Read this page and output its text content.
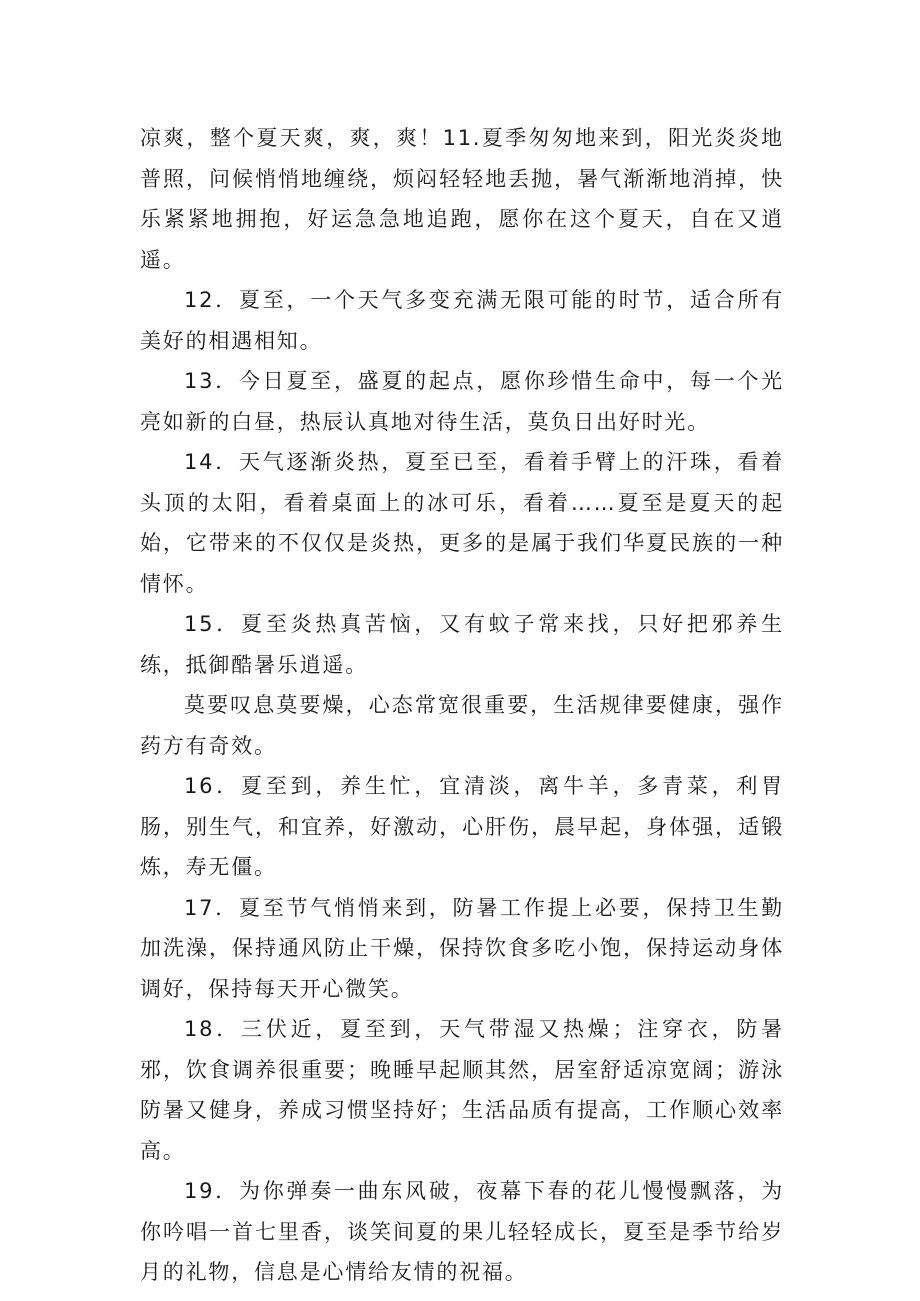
凉爽，整个夏天爽，爽，爽！11.夏季匆匆地来到，阳光炎炎地普照，问候悄悄地缠绕，烦闷轻轻地丢抛，暑气渐渐地消掉，快乐紧紧地拥抱，好运急急地追跑，愿你在这个夏天，自在又逍遥。

12．夏至，一个天气多变充满无限可能的时节，适合所有美好的相遇相知。

13．今日夏至，盛夏的起点，愿你珍惜生命中，每一个光亮如新的白昼，热辰认真地对待生活，莫负日出好时光。

14．天气逐渐炎热，夏至已至，看着手臂上的汗珠，看着头顶的太阳，看着桌面上的冰可乐，看着……夏至是夏天的起始，它带来的不仅仅是炎热，更多的是属于我们华夏民族的一种情怀。

15．夏至炎热真苦恼，又有蚊子常来找，只好把邪养生练，抵御酷暑乐逍遥。

莫要叹息莫要燥，心态常宽很重要，生活规律要健康，强作药方有奇效。

16．夏至到，养生忙，宜清淡，离牛羊，多青菜，利胃肠，别生气，和宜养，好激动，心肝伤，晨早起，身体强，适锻炼，寿无僵。

17．夏至节气悄悄来到，防暑工作提上必要，保持卫生勤加洗澡，保持通风防止干燥，保持饮食多吃小饱，保持运动身体调好，保持每天开心微笑。

18．三伏近，夏至到，天气带湿又热燥；注穿衣，防暑邪，饮食调养很重要；晚睡早起顺其然，居室舒适凉宽阔；游泳防暑又健身，养成习惯坚持好；生活品质有提高，工作顺心效率高。

19．为你弹奏一曲东风破，夜幕下春的花儿慢慢飘落，为你吟唱一首七里香，谈笑间夏的果儿轻轻成长，夏至是季节给岁月的礼物，信息是心情给友情的祝福。
